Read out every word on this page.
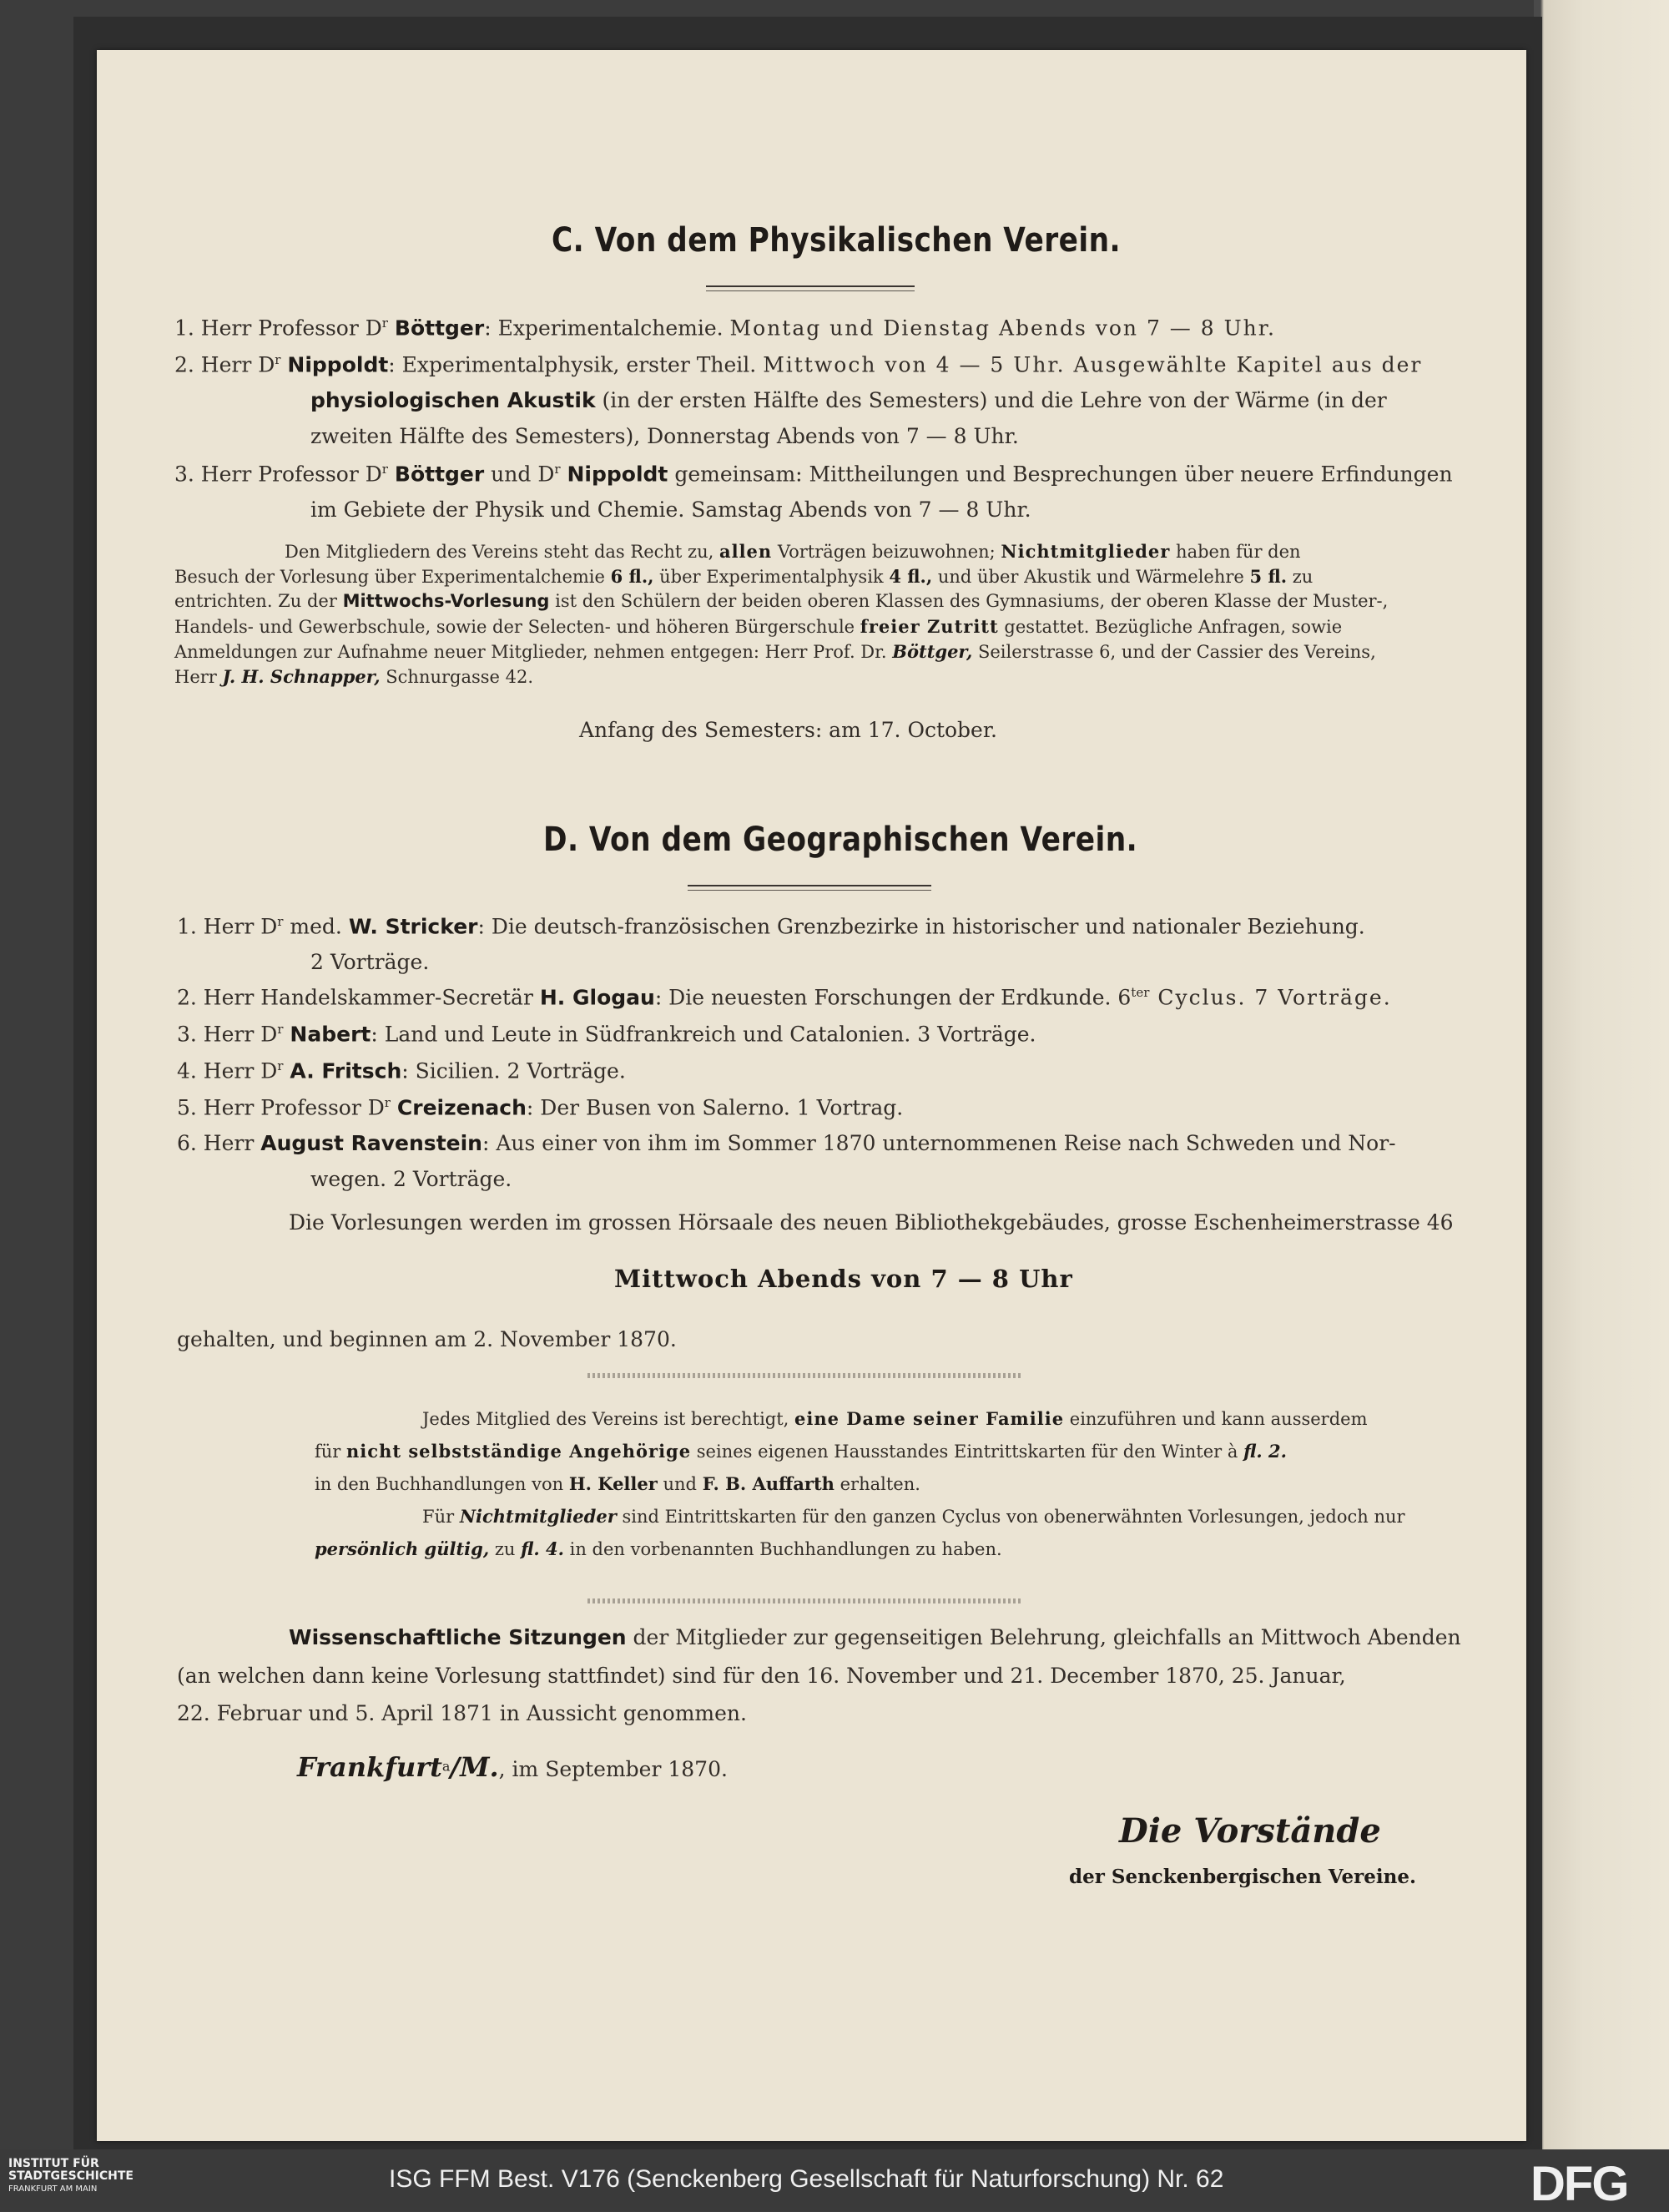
C. Von dem Physikalischen Verein.
1. Herr Professor $D^r$ Böttger: Experimentalchemie. Montag und Dienstag Abends von 7 — 8 Uhr.
2. Herr $D^r$ Nippoldt: Experimentalphysik, erster Theil. Mittwoch von 4 — 5 Uhr. Ausgewählte Kapitel aus der
physiologischen Akustik (in der ersten Hälfte des Semesters) und die Lehre von der Wärme (in der
zweiten Hälfte des Semesters), Donnerstag Abends von 7 — 8 Uhr.
3. Herr Professor $D^r$ Böttger und $D^r$ Nippoldt gemeinsam: Mittheilungen und Besprechungen über neuere Erfindungen
im Gebiete der Physik und Chemie. Samstag Abends von 7 — 8 Uhr.
Den Mitgliedern des Vereins steht das Recht zu, allen Vorträgen beizuwohnen; Nichtmitglieder haben für den
Besuch der Vorlesung über Experimentalchemie 6 fl., über Experimentalphysik 4 fl., und über Akustik und Wärmelehre 5 fl. zu
entrichten. Zu der Mittwochs-Vorlesung ist den Schülern der beiden oberen Klassen des Gymnasiums, der oberen Klasse der Muster-,
Handels- und Gewerbschule, sowie der Selecten- und höheren Bürgerschule freier Zutritt gestattet. Bezügliche Anfragen, sowie
Anmeldungen zur Aufnahme neuer Mitglieder, nehmen entgegen: Herr Prof. Dr. Böttger, Seilerstrasse 6, und der Cassier des Vereins,
Herr J. H. Schnapper, Schnurgasse 42.
Anfang des Semesters: am 17. October.
D. Von dem Geographischen Verein.
1. Herr $D^r$ med. W. Stricker: Die deutsch-französischen Grenzbezirke in historischer und nationaler Beziehung.
2 Vorträge.
2. Herr Handelskammer-Secretär H. Glogau: Die neuesten Forschungen der Erdkunde. $6^{ter}$ Cyclus. 7 Vorträge.
3. Herr $D^r$ Nabert: Land und Leute in Südfrankreich und Catalonien. 3 Vorträge.
4. Herr $D^r$ A. Fritsch: Sicilien. 2 Vorträge.
5. Herr Professor $D^r$ Creizenach: Der Busen von Salerno. 1 Vortrag.
6. Herr August Ravenstein: Aus einer von ihm im Sommer 1870 unternommenen Reise nach Schweden und Nor-
wegen. 2 Vorträge.
Die Vorlesungen werden im grossen Hörsaale des neuen Bibliothekgebäudes, grosse Eschenheimerstrasse 46
Mittwoch Abends von 7 — 8 Uhr
gehalten, und beginnen am 2. November 1870.
Jedes Mitglied des Vereins ist berechtigt, eine Dame seiner Familie einzuführen und kann ausserdem
für nicht selbstständige Angehörige seines eigenen Hausstandes Eintrittskarten für den Winter à fl. 2.
in den Buchhandlungen von H. Keller und F. B. Auffarth erhalten.
Für Nichtmitglieder sind Eintrittskarten für den ganzen Cyclus von obenerwähnten Vorlesungen, jedoch nur
persönlich gültig, zu fl. 4. in den vorbenannten Buchhandlungen zu haben.
Wissenschaftliche Sitzungen der Mitglieder zur gegenseitigen Belehrung, gleichfalls an Mittwoch Abenden
(an welchen dann keine Vorlesung stattfindet) sind für den 16. November und 21. December 1870, 25. Januar,
22. Februar und 5. April 1871 in Aussicht genommen.
Frankfurt$^a$/M., im September 1870.
Die Vorstände
der Senckenbergischen Vereine.
INSTITUT FÜR
STADTGESCHICHTE
FRANKFURT AM MAIN	ISG FFM Best. V176 (Senckenberg Gesellschaft für Naturforschung) Nr. 62	DFG
